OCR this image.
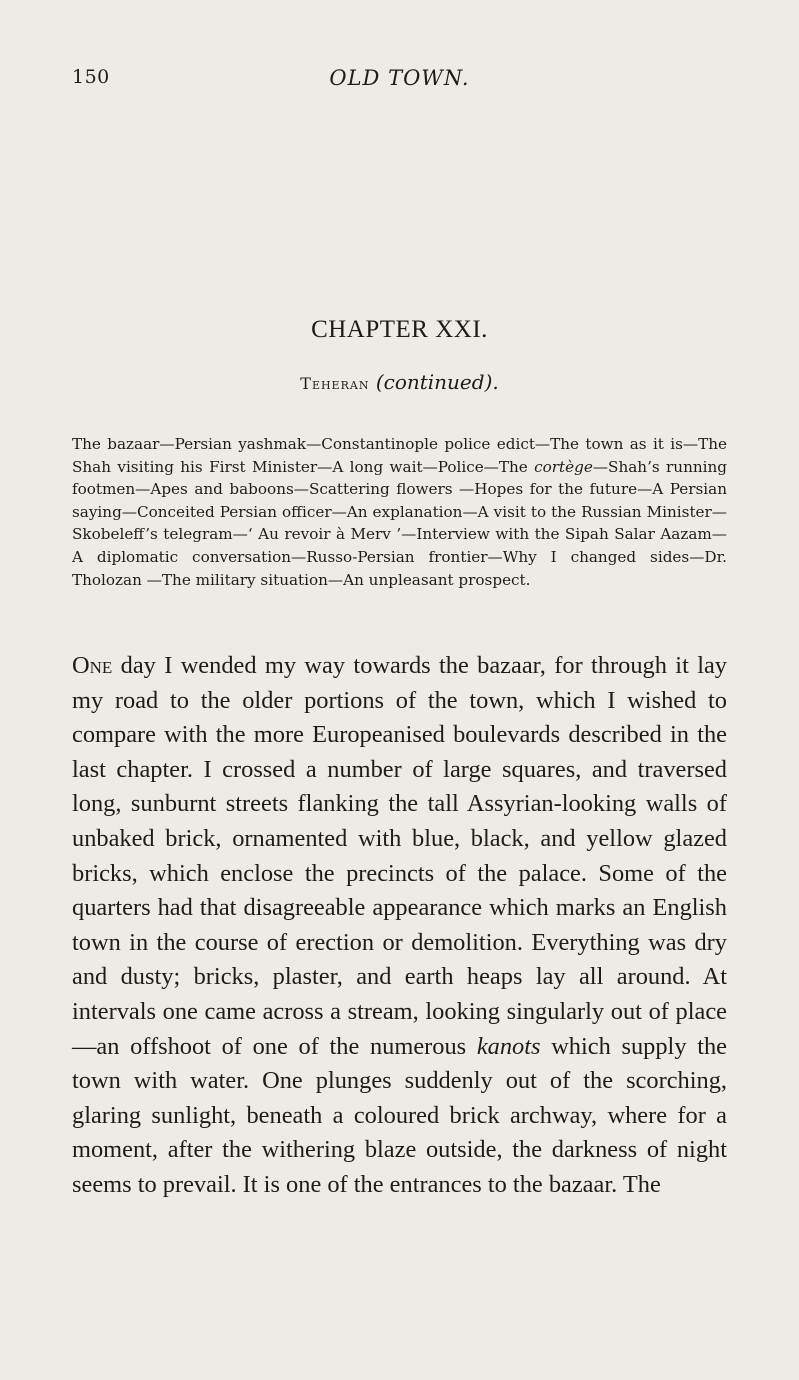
150	OLD TOWN.
CHAPTER XXI.
Teheran (continued).
The bazaar—Persian yashmak—Constantinople police edict—The town as it is—The Shah visiting his First Minister—A long wait—Police—The cortège—Shah’s running footmen—Apes and baboons—Scattering flowers —Hopes for the future—A Persian saying—Conceited Persian officer—An explanation—A visit to the Russian Minister—Skobeleff’s telegram—‘ Au revoir à Merv ’—Interview with the Sipah Salar Aazam—A diplomatic conversation—Russo-Persian frontier—Why I changed sides—Dr. Tholozan —The military situation—An unpleasant prospect.
One day I wended my way towards the bazaar, for through it lay my road to the older portions of the town, which I wished to compare with the more Europeanised boulevards described in the last chapter. I crossed a number of large squares, and traversed long, sunburnt streets flanking the tall Assyrian-looking walls of unbaked brick, ornamented with blue, black, and yellow glazed bricks, which enclose the precincts of the palace. Some of the quarters had that disagreeable appearance which marks an English town in the course of erection or demolition. Everything was dry and dusty; bricks, plaster, and earth heaps lay all around. At intervals one came across a stream, looking singularly out of place—an offshoot of one of the numerous kanots which supply the town with water. One plunges suddenly out of the scorching, glaring sunlight, beneath a coloured brick archway, where for a moment, after the withering blaze outside, the darkness of night seems to prevail. It is one of the entrances to the bazaar. The
